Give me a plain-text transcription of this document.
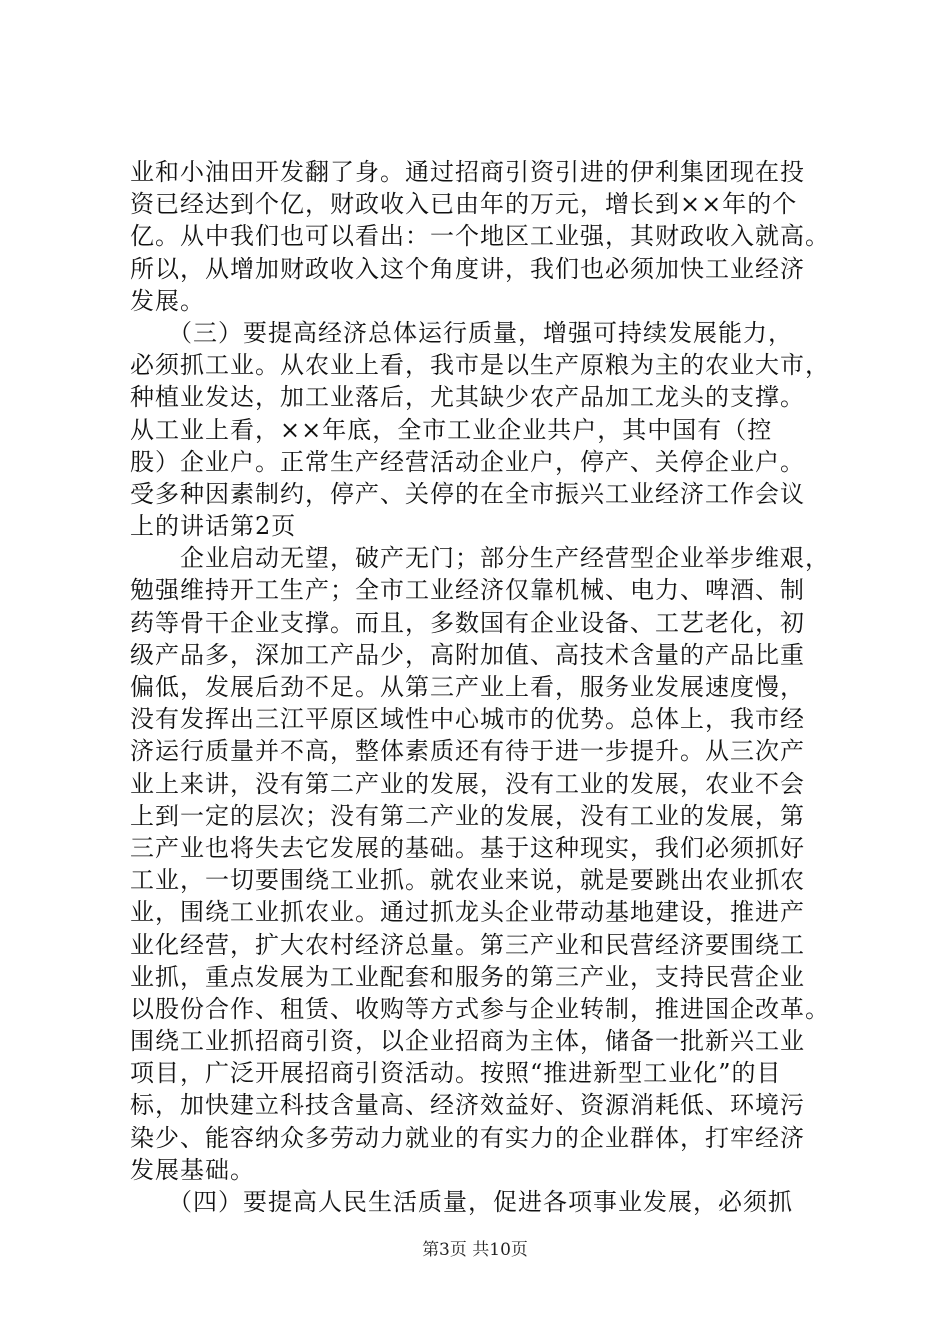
业和小油田开发翻了身。通过招商引资引进的伊利集团现在投
资已经达到个亿，财政收入已由年的万元，增长到××年的个
亿。从中我们也可以看出：一个地区工业强，其财政收入就高。
所以，从增加财政收入这个角度讲，我们也必须加快工业经济
发展。
　　（三）要提高经济总体运行质量，增强可持续发展能力，
必须抓工业。从农业上看，我市是以生产原粮为主的农业大市，
种植业发达，加工业落后，尤其缺少农产品加工龙头的支撑。
从工业上看，××年底，全市工业企业共户，其中国有（控
股）企业户。正常生产经营活动企业户，停产、关停企业户。
受多种因素制约，停产、关停的在全市振兴工业经济工作会议
上的讲话第2页
　　企业启动无望，破产无门；部分生产经营型企业举步维艰，
勉强维持开工生产；全市工业经济仅靠机械、电力、啤酒、制
药等骨干企业支撑。而且，多数国有企业设备、工艺老化，初
级产品多，深加工产品少，高附加值、高技术含量的产品比重
偏低，发展后劲不足。从第三产业上看，服务业发展速度慢，
没有发挥出三江平原区域性中心城市的优势。总体上，我市经
济运行质量并不高，整体素质还有待于进一步提升。从三次产
业上来讲，没有第二产业的发展，没有工业的发展，农业不会
上到一定的层次；没有第二产业的发展，没有工业的发展，第
三产业也将失去它发展的基础。基于这种现实，我们必须抓好
工业，一切要围绕工业抓。就农业来说，就是要跳出农业抓农
业，围绕工业抓农业。通过抓龙头企业带动基地建设，推进产
业化经营，扩大农村经济总量。第三产业和民营经济要围绕工
业抓，重点发展为工业配套和服务的第三产业，支持民营企业
以股份合作、租赁、收购等方式参与企业转制，推进国企改革。
围绕工业抓招商引资，以企业招商为主体，储备一批新兴工业
项目，广泛开展招商引资活动。按照“推进新型工业化”的目
标，加快建立科技含量高、经济效益好、资源消耗低、环境污
染少、能容纳众多劳动力就业的有实力的企业群体，打牢经济
发展基础。
　　（四）要提高人民生活质量，促进各项事业发展，必须抓
第3页 共10页
